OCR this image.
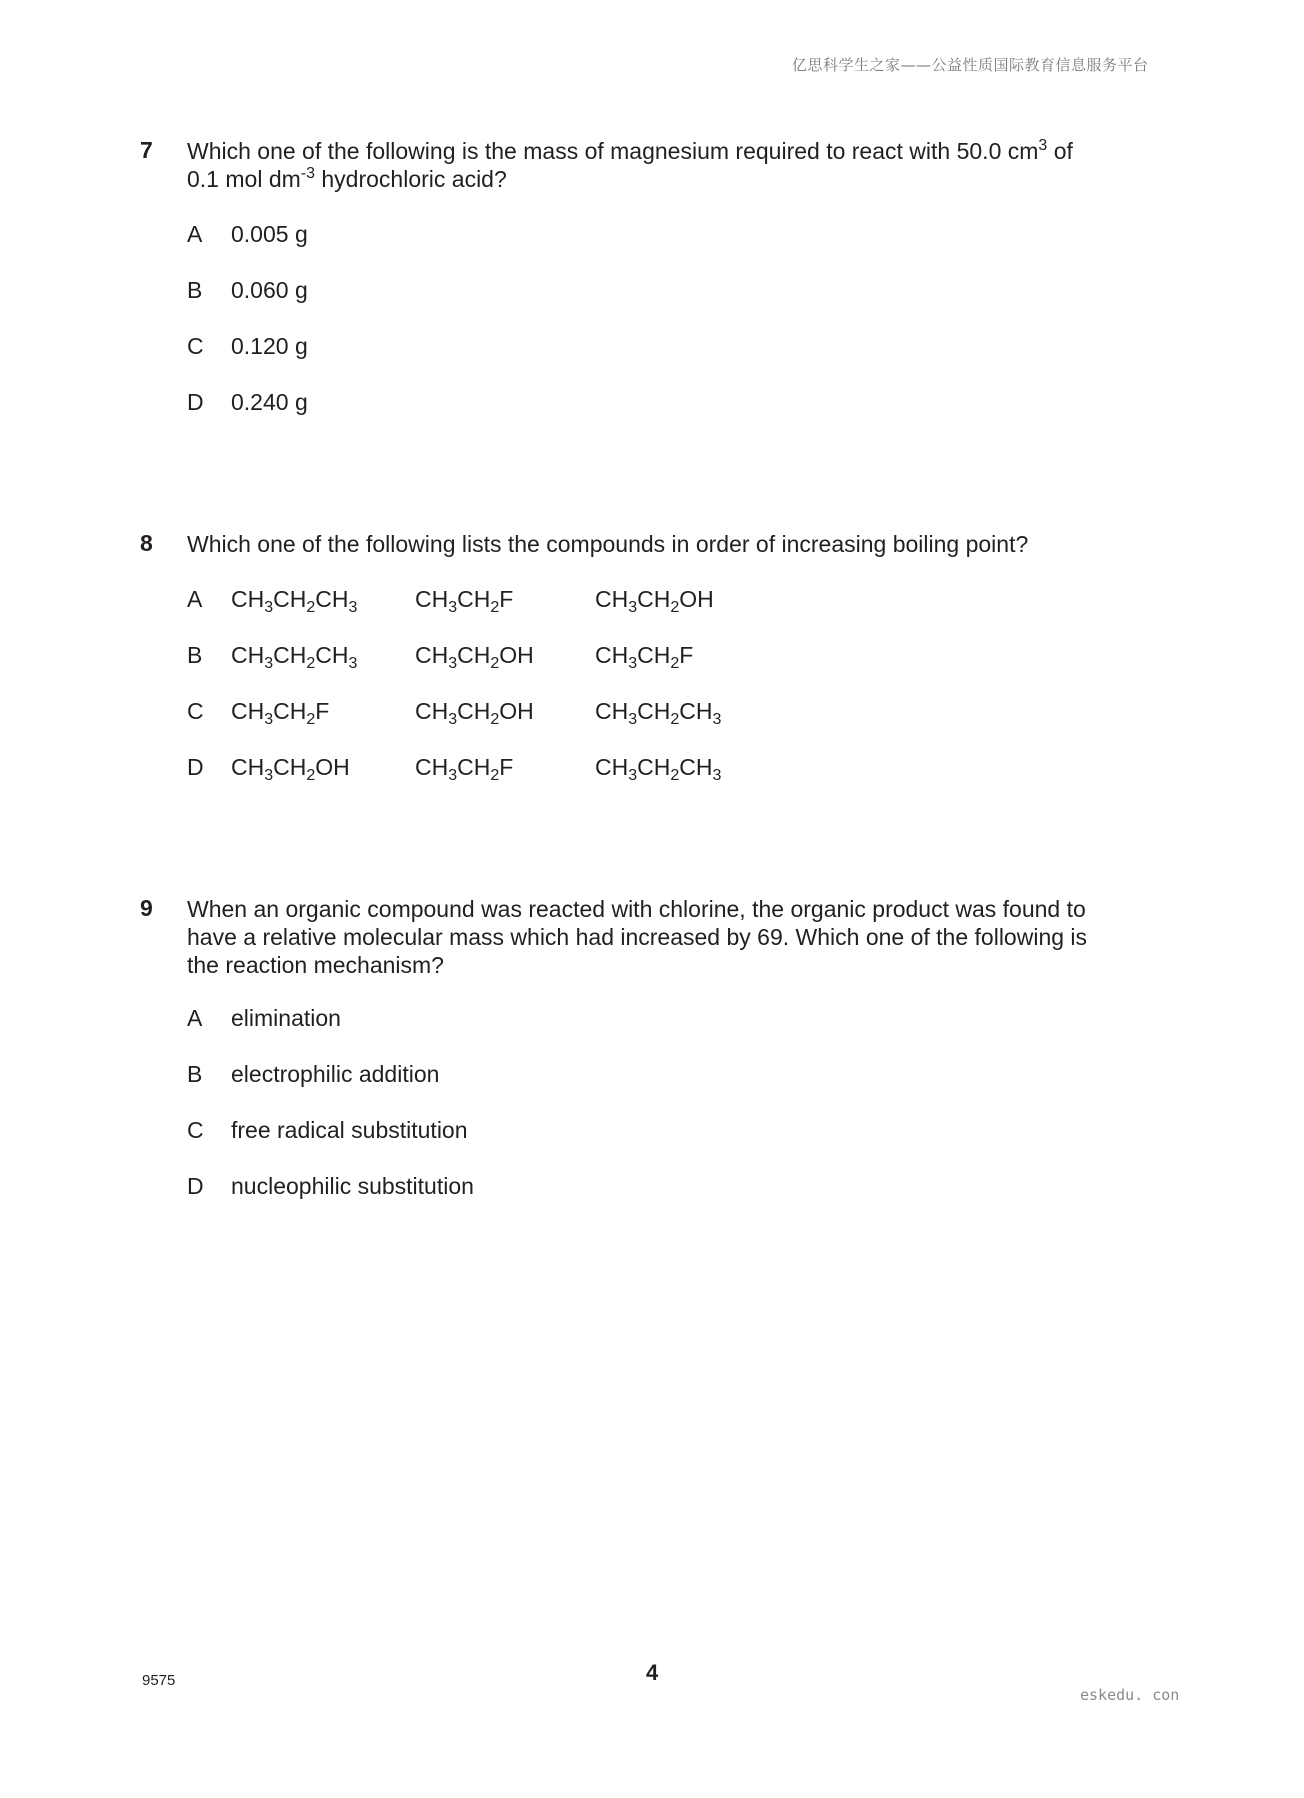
亿思科学生之家——公益性质国际教育信息服务平台
7 Which one of the following is the mass of magnesium required to react with 50.0 $cm^3$ of
0.1 mol $dm^{-3}$ hydrochloric acid?
A 0.005 g
B 0.060 g
C 0.120 g
D 0.240 g
8 Which one of the following lists the compounds in order of increasing boiling point?
A $CH_3CH_2CH_3$	$CH_3CH_2F$	$CH_3CH_2OH$
B $CH_3CH_2CH_3$	$CH_3CH_2OH$	$CH_3CH_2F$
C $CH_3CH_2F$	$CH_3CH_2OH$	$CH_3CH_2CH_3$
D $CH_3CH_2OH$	$CH_3CH_2F$	$CH_3CH_2CH_3$
9 When an organic compound was reacted with chlorine, the organic product was found to
have a relative molecular mass which had increased by 69. Which one of the following is
the reaction mechanism?
A elimination
B electrophilic addition
C free radical substitution
D nucleophilic substitution
9575	4
eskedu. con
